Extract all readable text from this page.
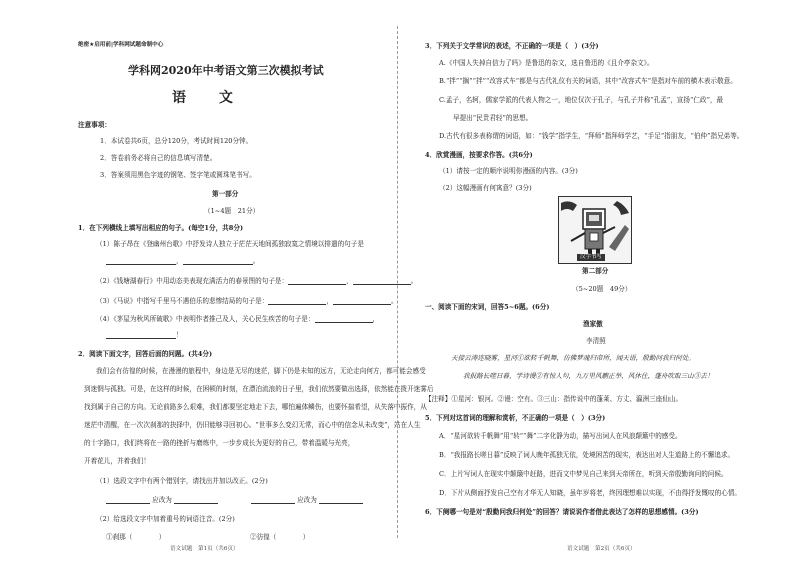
绝密★启用前|学科网试题命制中心
学科网2020年中考语文第三次模拟考试
语 文
注意事项：
1．本试卷共6页，总分120分，考试时间120分钟。
2．答卷前务必将自己的信息填写清楚。
3．答案须用黑色字迹的钢笔、签字笔或圆珠笔书写。
第一部分
（1~4题　21分）
1．在下列横线上填写出相应的句子。(每空1分，共8分)
（1）陈子昂在《登幽州台歌》中抒发诗人独立于茫茫天地间孤独寂寞之情境以排遣的句子是
，	。
（2）《钱塘湖春行》中用动态美表现充满活力的春景图的句子是：	，	。
（3）《马说》中指写千里马不遇伯乐的悲惨结局的句子是：	，	。
（4）《茅屋为秋风所破歌》中表明作者推己及人，关心民生疾苦的句子是：	，
！
2．阅读下面文字，回答后面的问题。(共4分)
我们会有彷徨的时候，在漫漫的旅程中，身边是无尽的迷茫，脚下仍是未知的远方，无论走向何方，都可能会感受
到迷惘与孤独。可是，在这样的时候，在困顿的时刻，在漂泊流浪的日子里，我们依然要做出选择，依然能在拨开迷雾后
找到属于自己的方向。无论前路多么艰难，我们都要坚定地走下去，哪怕遍体鳞伤，也要怀揣希望，从失落中振作，从
迷茫中清醒，在一次次刹那的抉择中，仍旧能够寻回初心。“世事多么变幻无常，而心中的信念从未改变”，站在人生
的十字路口，我们终将在一路的挫折与磨炼中，一步步成长为更好的自己，带着温暖与光亮，
开着花儿，并着我们！
（1）选段文字中有两个错别字，请找出并加以改正。(2分)
应改为 　　　　　	应改为
（2）给选段文字中加着重号的词语注音。(2分)
①刹那（　　　　）	②彷徨（　　　　）
语文试题　第1页（共6页）
3．下列关于文学常识的表述，不正确的一项是（　）(3分)
A.《中国人失掉自信力了吗》是鲁迅的杂文，选自鲁迅的《且介亭杂文》。
B.“拌”“搁”“拌”“改容式车”都是与古代礼仪有关的词语，其中“改容式车”是指对车前的横木表示敬意。
C.孟子，名轲，儒家学派的代表人物之一，地位仅次于孔子，与孔子并称“孔孟”，宣扬“仁政”，最
早提出“民贵君轻”的思想。
D.古代有很多表称谓的词语，如：“钱学”指学生，“拜师”指拜师学艺，“手足”指朋友，“伯仲”指兄弟等。
4．欣赏漫画，按要求作答。(共6分)
（1）请按一定的顺序说明你漫画的内容。(3分)
（2）这幅漫画有何寓意？(3分)
第二部分
（5~20题　49分）
一、阅读下面的宋词，回答5~6题。(6分)
渔家傲
李清照
天接云涛连晓雾，星河①欲转千帆舞，仿佛梦魂归帝所，闻天语，殷勤问我归何处。
我报路长嗟日暮，学诗谩②有惊人句，九万里风鹏正举，风休住，蓬舟吹取三山③去！
【注释】①星河：银河。②谩：空有。③三山：指传说中的蓬莱、方丈、瀛洲三座仙山。
5．下列对这首词的理解和赏析，不正确的一项是（　）(3分)
A．“星河欲转千帆舞”用“转”“舞”二字化静为动，描写出词人在风浪颠簸中的感受。
B．“我报路长嗟日暮”反映了词人晚年孤独无依，处境困苦的现实，表达出对人生道路上的不懈追求。
C．上片写词人在现实中颠簸中赶路，进而文中梦见自己来到天帝所在，听到天帝殷勤询问的问候。
D．下片从侧面抒发自己空有才华无人知晓，虽年岁将老，终因理想难以实现，不由得抒发慨叹的心情。
6．下阕哪一句是对“殷勤问我归何处”的回答？请说说作者借此表达了怎样的思想感情。(3分)
语文试题　第2页（共6页）
汉字书写
